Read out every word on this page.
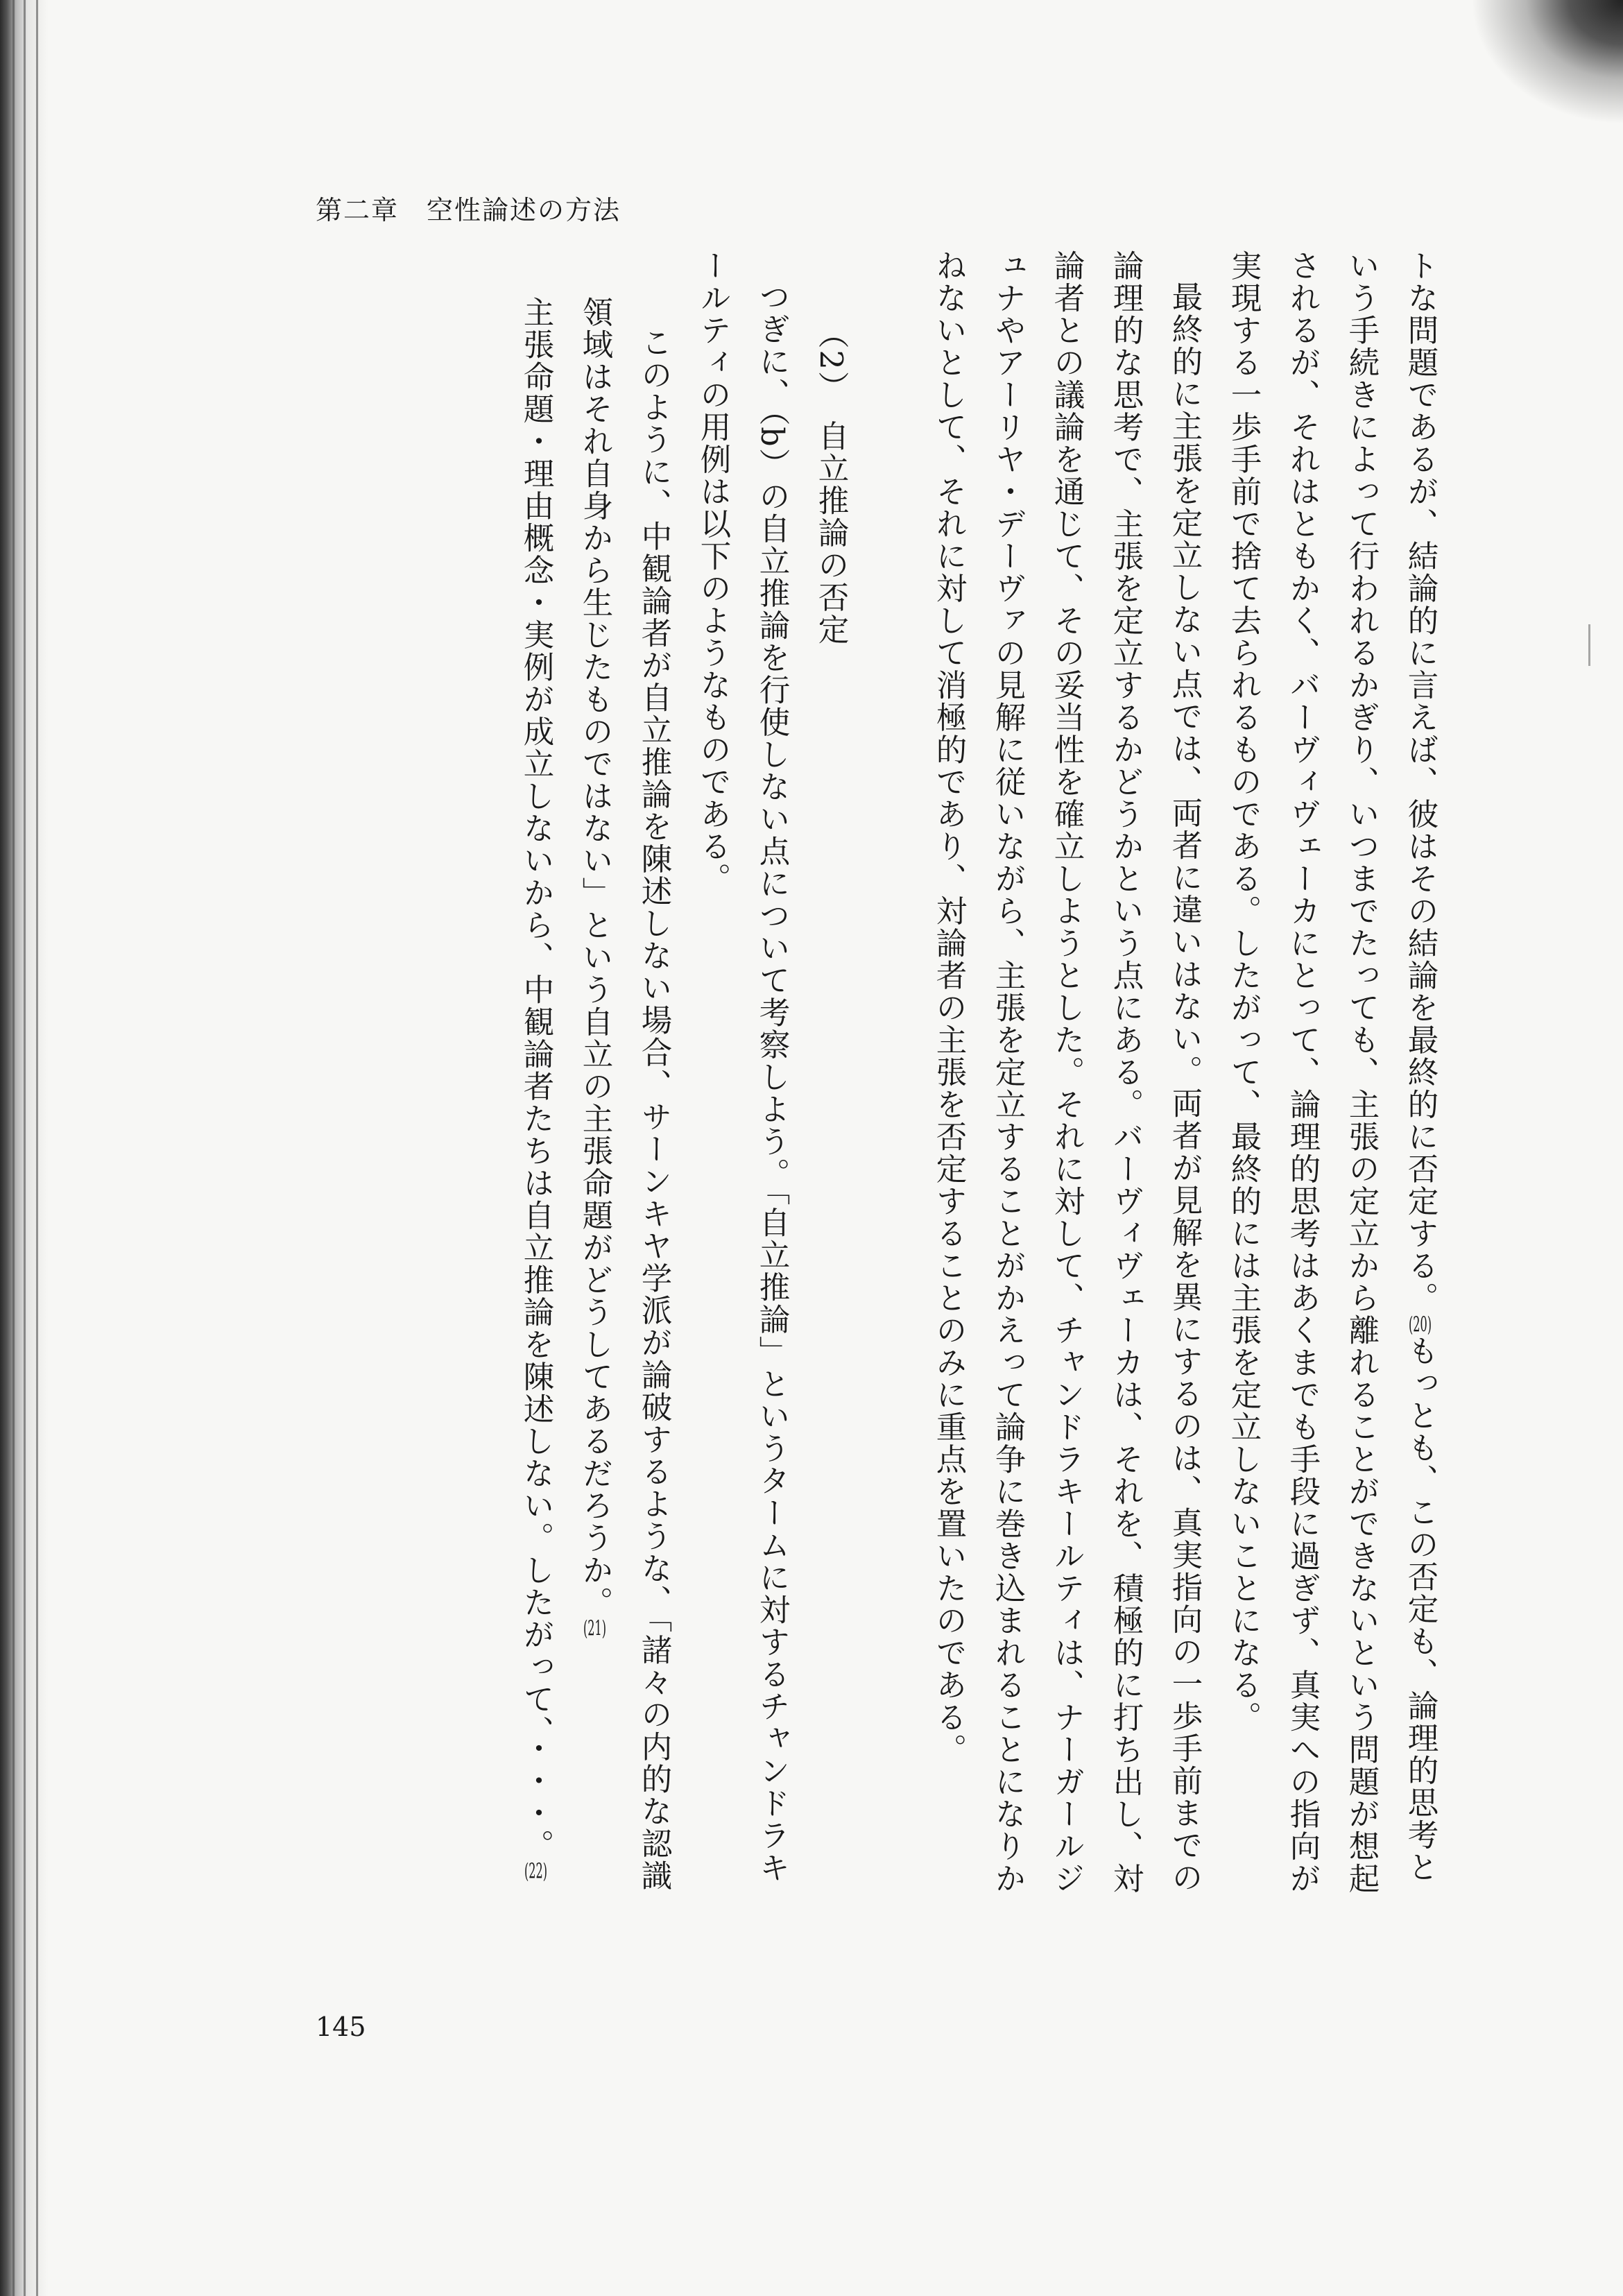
第二章　空性論述の方法

トな問題であるが、結論的に言えば、彼はその結論を最終的に否定する。$^{(20)}$もっとも、この否定も、論理的思考という手続きによって行われるかぎり、いつまでたっても、主張の定立から離れることができないという問題が想起されるが、それはともかく、バーヴィヴェーカにとって、論理的思考はあくまでも手段に過ぎず、真実への指向が実現する一歩手前で捨て去られるものである。したがって、最終的には主張を定立しないことになる。

最終的に主張を定立しない点では、両者に違いはない。両者が見解を異にするのは、真実指向の一歩手前までの論理的な思考で、主張を定立するかどうかという点にある。バーヴィヴェーカは、それを、積極的に打ち出し、対論者との議論を通じて、その妥当性を確立しようとした。それに対して、チャンドラキールティは、ナーガールジュナやアーリヤ・デーヴァの見解に従いながら、主張を定立することがかえって論争に巻き込まれることになりかねないとして、それに対して消極的であり、対論者の主張を否定することのみに重点を置いたのである。

（2）　自立推論の否定

つぎに、（b）の自立推論を行使しない点について考察しよう。「自立推論」というタームに対するチャンドラキールティの用例は以下のようなものである。

このように、中観論者が自立推論を陳述しない場合、サーンキヤ学派が論破するような、「諸々の内的な認識領域はそれ自身から生じたものではない」という自立の主張命題がどうしてあるだろうか。$^{(21)}$

主張命題・理由概念・実例が成立しないから、中観論者たちは自立推論を陳述しない。したがって、・・・。$^{(22)}$

145
